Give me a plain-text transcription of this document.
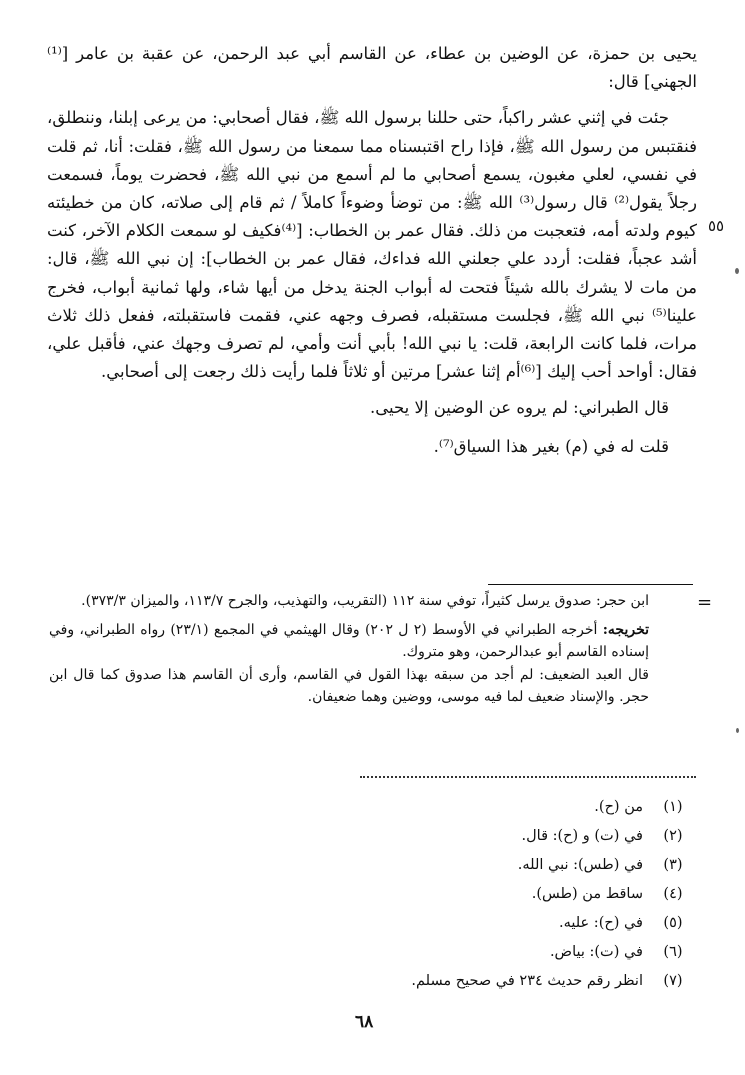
يحيى بن حمزة، عن الوضين بن عطاء، عن القاسم أبي عبد الرحمن، عن عقبة بن عامر [⁽¹⁾الجهني] قال:

جئت في إثني عشر راكباً، حتى حللنا برسول الله ﷺ، فقال أصحابي: من يرعى إبلنا، وننطلق، فنقتبس من رسول الله ﷺ، فإذا راح اقتبسناه مما سمعنا من رسول الله ﷺ، فقلت: أنا، ثم قلت في نفسي، لعلي مغبون، يسمع أصحابي ما لم أسمع من نبي الله ﷺ، فحضرت يوماً، فسمعت رجلاً يقول⁽²⁾ قال رسول⁽³⁾ الله ﷺ: من توضأ وضوءاً كاملاً / ثم قام إلى صلاته، كان من خطيئته كيوم ولدته أمه، فتعجبت من ذلك. فقال عمر بن الخطاب: [⁽⁴⁾فكيف لو سمعت الكلام الآخر، كنت أشد عجباً، فقلت: أردد علي جعلني الله فداءك، فقال عمر بن الخطاب]: إن نبي الله ﷺ، قال: من مات لا يشرك بالله شيئاً فتحت له أبواب الجنة يدخل من أيها شاء، ولها ثمانية أبواب، فخرج علينا⁽⁵⁾ نبي الله ﷺ، فجلست مستقبله، فصرف وجهه عني، فقمت فاستقبلته، ففعل ذلك ثلاث مرات، فلما كانت الرابعة، قلت: يا نبي الله! بأبي أنت وأمي، لم تصرف وجهك عني، فأقبل علي، فقال: أواحد أحب إليك [⁽⁶⁾أم إثنا عشر] مرتين أو ثلاثاً فلما رأيت ذلك رجعت إلى أصحابي.

قال الطبراني: لم يروه عن الوضين إلا يحيى.

قلت له في (م) بغير هذا السياق⁽⁷⁾.

٥٥
=

ابن حجر: صدوق يرسل كثيراً، توفي سنة ١١٢ (التقريب، والتهذيب، والجرح ١١٣/٧، والميزان ٣٧٣/٣).

تخريجه: أخرجه الطبراني في الأوسط (٢ ل ٢٠٢) وقال الهيثمي في المجمع (٢٣/١) رواه الطبراني، وفي إسناده القاسم أبو عبدالرحمن، وهو متروك.

قال العبد الضعيف: لم أجد من سبقه بهذا القول في القاسم، وأرى أن القاسم هذا صدوق كما قال ابن حجر. والإسناد ضعيف لما فيه موسى، ووضين وهما ضعيفان.

(١)
من (ح).
(٢)
في (ت) و (ح): قال.
(٣)
في (طس): نبي الله.
(٤)
ساقط من (طس).
(٥)
في (ح): عليه.
(٦)
في (ت): بياض.
(٧)
انظر رقم حديث ٢٣٤ في صحيح مسلم.
٦٨
